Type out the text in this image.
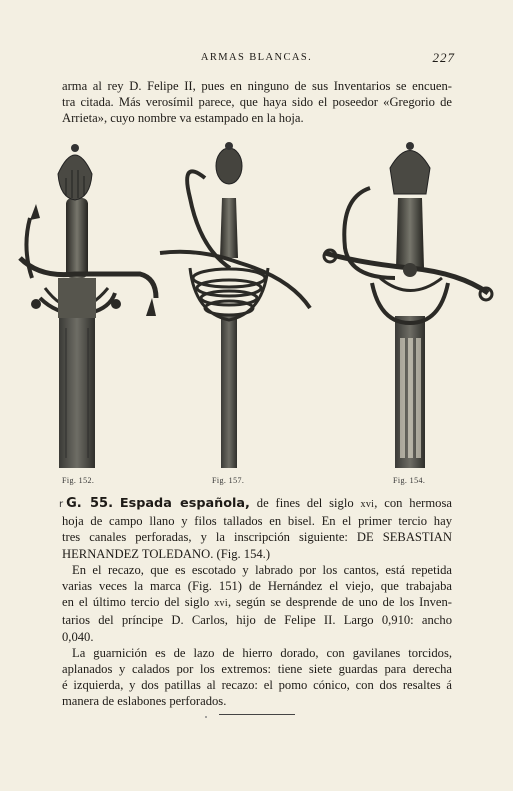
ARMAS BLANCAS.	227
arma al rey D. Felipe II, pues en ninguno de sus Inventarios se encuen-
tra citada. Más verosímil parece, que haya sido el poseedor «Gregorio de
Arrieta», cuyo nombre va estampado en la hoja.
Fig. 152.	Fig. 157.	Fig. 154.

r G. 55. Espada española, de fines del siglo xvi, con hermosa
hoja de campo llano y filos tallados en bisel. En el primer tercio hay
tres canales perforadas, y la inscripción siguiente: DE SEBASTIAN
HERNANDEZ TOLEDANO. (Fig. 154.)

En el recazo, que es escotado y labrado por los cantos, está repetida
varias veces la marca (Fig. 151) de Hernández el viejo, que trabajaba
en el último tercio del siglo xvi, según se desprende de uno de los Inven-
tarios del príncipe D. Carlos, hijo de Felipe II. Largo 0,910: ancho
0,040.

La guarnición es de lazo de hierro dorado, con gavilanes torcidos,
aplanados y calados por los extremos: tiene siete guardas para derecha
é izquierda, y dos patillas al recazo: el pomo cónico, con dos resaltes á
manera de eslabones perforados.
